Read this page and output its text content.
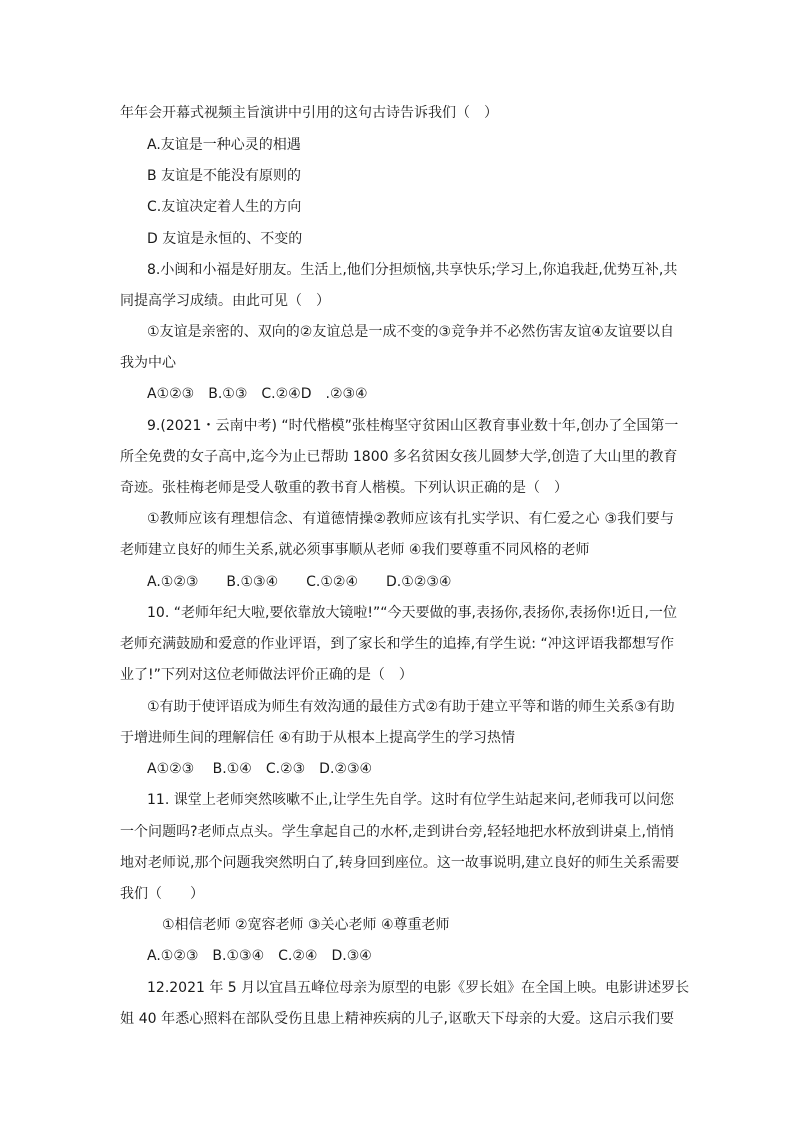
年年会开幕式视频主旨演讲中引用的这句古诗告诉我们（　）

A.友谊是一种心灵的相遇

B 友谊是不能没有原则的

C.友谊决定着人生的方向

D 友谊是永恒的、不变的

8.小闽和小福是好朋友。生活上,他们分担烦恼,共享快乐;学习上,你追我赶,优势互补,共

同提高学习成绩。由此可见（　）

①友谊是亲密的、双向的②友谊总是一成不变的③竞争并不必然伤害友谊④友谊要以自

我为中心

A①②③　B.①③　C.②④D　.②③④

9.(2021・云南中考) “时代楷模”张桂梅坚守贫困山区教育事业数十年,创办了全国第一

所全免费的女子高中,迄今为止已帮助 1800 多名贫困女孩儿圆梦大学,创造了大山里的教育

奇迹。张桂梅老师是受人敬重的教书育人楷模。下列认识正确的是（　）

①教师应该有理想信念、有道德情操②教师应该有扎实学识、有仁爱之心 ③我们要与

老师建立良好的师生关系,就必须事事顺从老师 ④我们要尊重不同风格的老师

A.①②③　　B.①③④　　C.①②④　　D.①②③④

10. “老师年纪大啦,要依靠放大镜啦!”“今天要做的事,表扬你,表扬你,表扬你!近日,一位

老师充满鼓励和爱意的作业评语，到了家长和学生的追捧,有学生说: “冲这评语我都想写作

业了!”下列对这位老师做法评价正确的是（　）

①有助于使评语成为师生有效沟通的最佳方式②有助于建立平等和谐的师生关系③有助

于增进师生间的理解信任 ④有助于从根本上提高学生的学习热情

A①②③　 B.①④　C.②③　D.②③④

11. 课堂上老师突然咳嗽不止,让学生先自学。这时有位学生站起来问,老师我可以问您

一个问题吗?老师点点头。学生拿起自己的水杯,走到讲台旁,轻轻地把水杯放到讲桌上,悄悄

地对老师说,那个问题我突然明白了,转身回到座位。这一故事说明,建立良好的师生关系需要

我们（　　）

①相信老师 ②宽容老师 ③关心老师 ④尊重老师

A.①②③　B.①③④　C.②④　D.③④

12.2021 年 5 月以宜昌五峰位母亲为原型的电影《罗长姐》在全国上映。电影讲述罗长

姐 40 年悉心照料在部队受伤且患上精神疾病的儿子,讴歌天下母亲的大爱。这启示我们要
